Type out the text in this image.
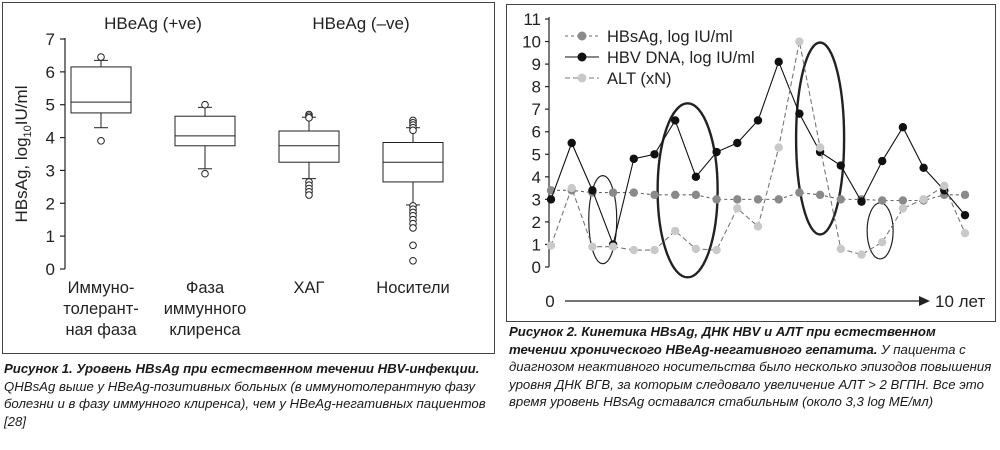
0
1
2
3
4
5
6
7
HBsAg, $\log_{10}IU/ml$
HBeAg (+ve)	HBeAg (–ve)
Иммуно-
толерант-
ная фаза
Фаза
иммунного
клиренса
ХАГ	Носители
0
1
2
3
4
5
6
7
8
9
10
11
0	10 лет
HBsAg, log IU/ml
HBV DNA, log IU/ml
ALT (xN)
Рисунок 1. Уровень HBsAg при естественном течении HBV-инфекции. QHBsAg выше у HBeAg-позитивных больных (в иммунотолерантную фазу болезни и в фазу иммунного клиренса), чем у HBeAg-негативных пациентов [28]
Рисунок 2. Кинетика HBsAg, ДНК HBV и АЛТ при естественном течении хронического HBeAg-негативного гепатита. У пациента с диагнозом неактивного носительства было несколько эпизодов повышения уровня ДНК ВГВ, за которым следовало увеличение АЛТ > 2 ВГПН. Все это время уровень HBsAg оставался стабильным (около 3,3 log МЕ/мл)
